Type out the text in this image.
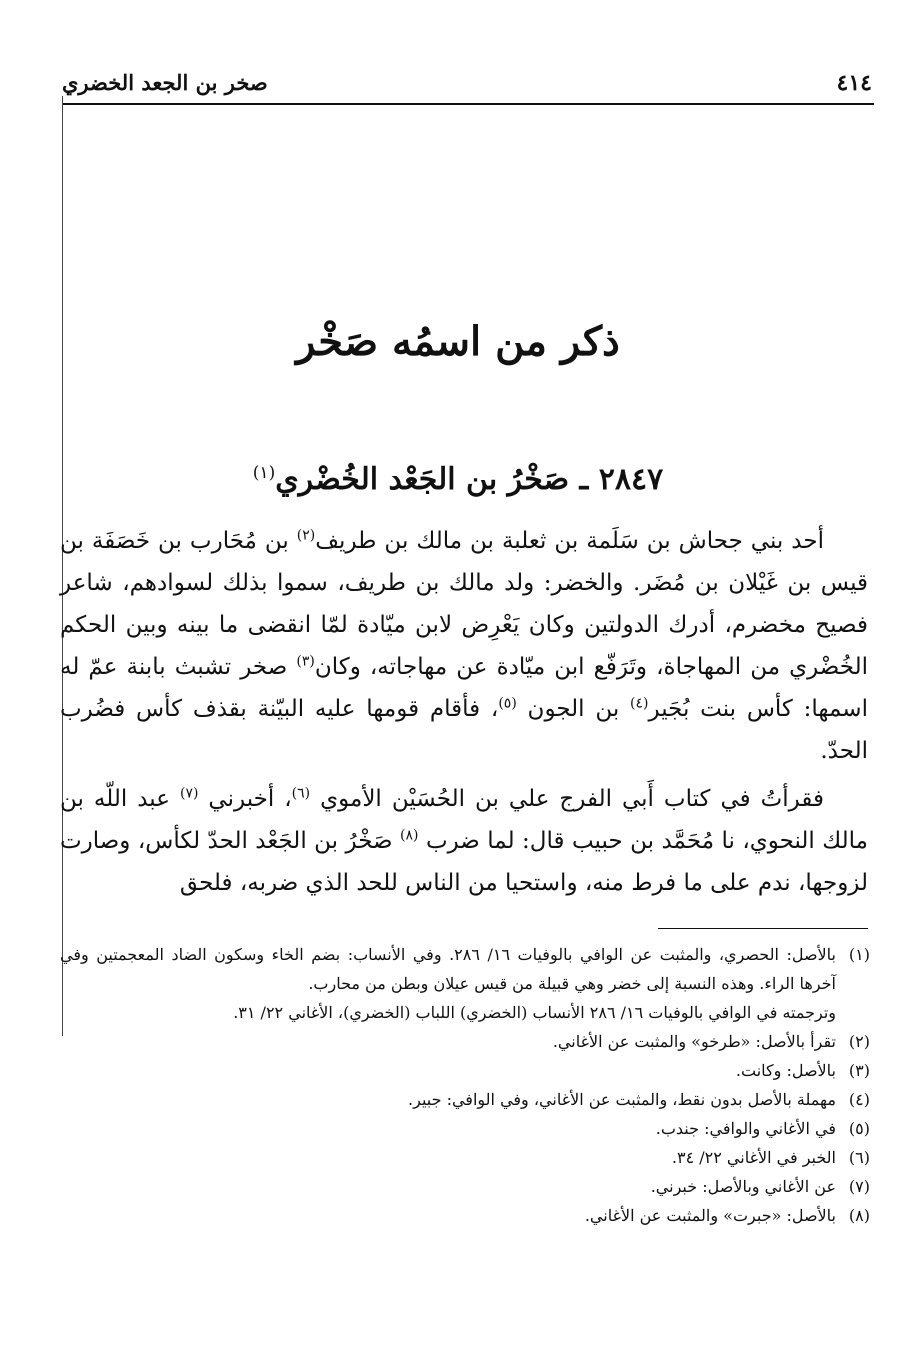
٤١٤
صخر بن الجعد الخضري
ذكر من اسمُه صَخْر
٢٨٤٧ ـ صَخْرُ بن الجَعْد الخُضْري$^{(١)}$

أحد بني جحاش بن سَلَمة بن ثعلبة بن مالك بن طريف$^{(٢)}$ بن مُحَارب بن خَصَفَة بن قيس بن غَيْلان بن مُضَر. والخضر: ولد مالك بن طريف، سموا بذلك لسوادهم، شاعر فصيح مخضرم، أدرك الدولتين وكان يَعْرِض لابن ميّادة لمّا انقضى ما بينه وبين الحكم الخُضْري من المهاجاة، وتَرَفّع ابن ميّادة عن مهاجاته، وكان$^{(٣)}$ صخر تشبث بابنة عمّ له اسمها: كأس بنت بُجَير$^{(٤)}$ بن الجون $^{(٥)}$، فأقام قومها عليه البيّنة بقذف كأس فضُرب الحدّ.

فقرأتُ في كتاب أَبي الفرج علي بن الحُسَيْن الأموي $^{(٦)}$، أخبرني $^{(٧)}$ عبد اللّه بن مالك النحوي، نا مُحَمَّد بن حبيب قال: لما ضرب $^{(٨)}$ صَخْرُ بن الجَعْد الحدّ لكأس، وصارت لزوجها، ندم على ما فرط منه، واستحيا من الناس للحد الذي ضربه، فلحق

(١)
بالأصل: الحصري، والمثبت عن الوافي بالوفيات ١٦/ ٢٨٦. وفي الأنساب: بضم الخاء وسكون الضاد المعجمتين وفي آخرها الراء. وهذه النسبة إلى خضر وهي قبيلة من قيس عيلان وبطن من محارب.
وترجمته في الوافي بالوفيات ١٦/ ٢٨٦ الأنساب (الخضري) اللباب (الخضري)، الأغاني ٢٢/ ٣١.
(٢)
تقرأ بالأصل: «طرخو» والمثبت عن الأغاني.
(٣)
بالأصل: وكانت.
(٤)
مهملة بالأصل بدون نقط، والمثبت عن الأغاني، وفي الوافي: جبير.
(٥)
في الأغاني والوافي: جندب.
(٦)
الخبر في الأغاني ٢٢/ ٣٤.
(٧)
عن الأغاني وبالأصل: خبرني.
(٨)
بالأصل: «جبرت» والمثبت عن الأغاني.
